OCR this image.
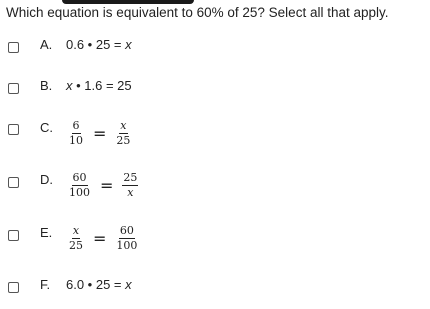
Which equation is equivalent to 60% of 25? Select all that apply.
A. 0.6 • 25 = x
B. x • 1.6 = 25
C. $\frac{6}{10} = \frac{x}{25}$
D. $\frac{60}{100} = \frac{25}{x}$
E. $\frac{x}{25} = \frac{60}{100}$
F. 6.0 • 25 = x
